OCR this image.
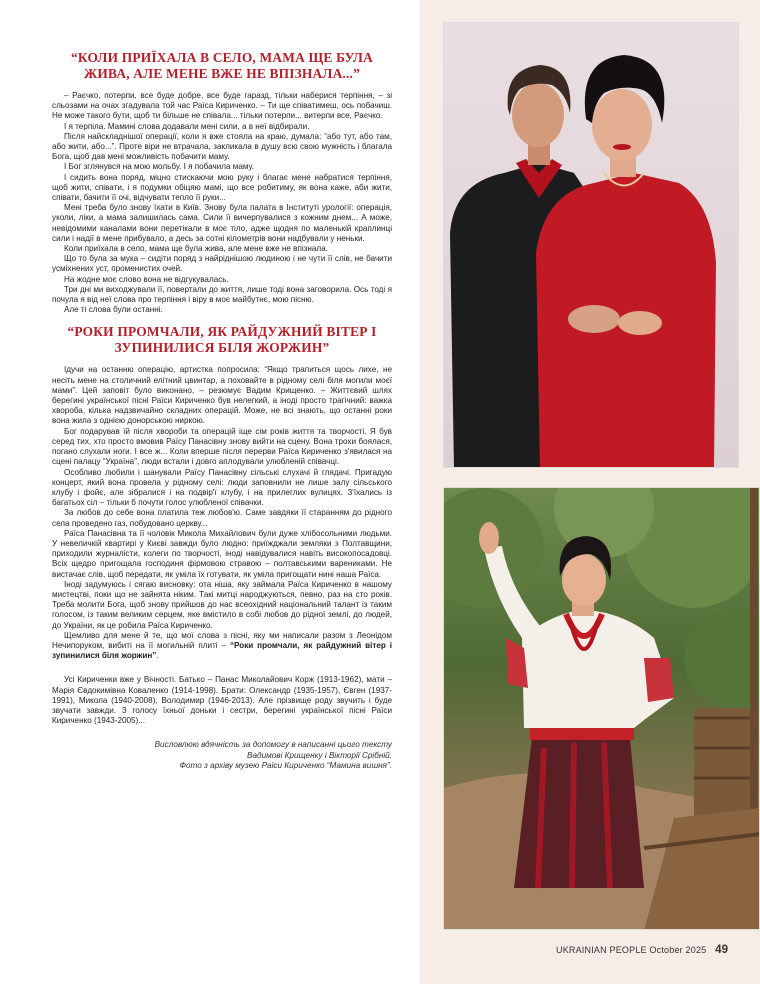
“КОЛИ ПРИЇХАЛА В СЕЛО, МАМА ЩЕ БУЛА ЖИВА, АЛЕ МЕНЕ ВЖЕ НЕ ВПІЗНАЛА...”

– Раєчко, потерпи, все буде добре, все буде гаразд, тільки наберися терпіння, – зі сльозами на очах згадувала той час Раїса Кириченко. – Ти ще співатимеш, ось побачиш. Не може такого бути, щоб ти більше не співала... тільки потерпи... витерпи все, Раєчко.

І я терпіла. Мамині слова додавали мені сили, а в неї відбирали.

Після найскладнішої операції, коли я вже стояла на краю, думала: “або тут, або там, або жити, або...”. Проте віри не втрачала, закликала в душу всю свою мужність і благала Бога, щоб дав мені можливість побачити маму.

І Бог зглянувся на мою мольбу. І я побачила маму.

І сидить вона поряд, міцно стискаючи мою руку і благає мене набратися терпіння, щоб жити, співати, і я подумки обіцяю мамі, що все робитиму, як вона каже, аби жити, співати, бачити її очі, відчувати тепло її руки...

Мені треба було знову їхати в Київ. Знову була палата в Інституті урології: операція, уколи, ліки, а мама залишилась сама. Сили її вичерпувалися з кожним днем... А може, невідомими каналами вони перетікали в моє тіло, адже щодня по маленькій краплинці сили і надії в мене прибувало, а десь за сотні кілометрів вони надбували у неньки.

Коли приїхала в село, мама ще була жива, але мене вже не впізнала.

Що то була за мука – сидіти поряд з найріднішою людиною і не чути її слів, не бачити усміхнених уст, променистих очей.

На жодне моє слово вона не відгукувалась.

Три дні ми виходжували її, повертали до життя, лише тоді вона заговорила. Ось тоді я почула я від неї слова про терпіння і віру в моє майбутнє, мою пісню.

Але ті слова були останні.

“РОКИ ПРОМЧАЛИ, ЯК РАЙДУЖНИЙ ВІТЕР І ЗУПИНИЛИСЯ БІЛЯ ЖОРЖИН”

Ідучи на останню операцію, артистка попросила: “Якщо трапиться щось лихе, не несіть мене на столичний елітний цвинтар, а поховайте в рідному селі біля могили моєї мами”. Цей заповіт було виконано, – резюмує Вадим Крищенко. – Життєвий шлях берегині української пісні Раїси Кириченко був нелегкий, а іноді просто трагічний: важка хвороба, кілька надзвичайно складних операцій. Може, не всі знають, що останні роки вона жила з однією донорською ниркою.

Бог подарував їй після хвороби та операцій іще сім років життя та творчості. Я був серед тих, хто просто вмовив Раїсу Панасівну знову вийти на сцену. Вона трохи боялася, погано слухали ноги. І все ж... Коли вперше після перерви Раїса Кириченко з'явилася на сцені палацу “Україна”, люди встали і довго аплодували улюбленій співачці.

Особливо любили і шанували Раїсу Панасівну сільські слухачі й глядачі. Пригадую концерт, який вона провела у рідному селі: люди заповнили не лише залу сільського клубу і фойє, але зібралися і на подвір'ї клубу, і на прилеглих вулицях. З'їхались із багатьох сіл – тільки б почути голос улюбленої співачки.

За любов до себе вона платила теж любов'ю. Саме завдяки її старанням до рідного села проведено газ, побудовано церкву...

Раїса Панасівна та її чоловік Микола Михайлович були дуже хлібосольними людьми. У невеличкій квартирі у Києві завжди було людно: приїжджали земляки з Полтавщини, приходили журналісти, колеги по творчості, іноді навідувалися навіть високопосадовці. Всіх щедро пригощала господиня фірмовою стравою – полтавськими варениками. Не вистачає слів, щоб передати, як уміла їх готувати, як уміла пригощати нині наша Раїса.

Іноді задумуюсь і сягаю висновку: ота ніша, яку займала Раїса Кириченко в нашому мистецтві, поки що не зайнята ніким. Такі митці народжуються, певно, раз на сто років. Треба молити Бога, щоб знову прийшов до нас всеохідний національний талант із таким голосом, із таким великим серцем, яке вмістило в собі любов до рідної землі, до людей, до України, як це робила Раїса Кириченко.

Щемливо для мене й те, що мої слова з пісні, яку ми написали разом з Леонідом Нечипоруком, вибиті на її могильній плиті – “Роки промчали, як райдужний вітер і зупинилися біля жоржин”.

Усі Кириченки вже у Вічності. Батько – Панас Миколайович Корж (1913-1962), мати – Марія Євдокимівна Коваленко (1914-1998). Брати: Олександр (1935-1957), Євген (1937-1991), Микола (1940-2008), Володимир (1946-2013). Але прізвище роду звучить і буде звучати завжди. З голосу їхньої доньки і сестри, берегині української пісні Раїси Кириченко (1943-2005)...

Висловлюю вдячність за допомогу в написанні цього тексту
Вадимові Крищенку і Вікторії Срібній.
Фото з архіву музею Раїси Кириченко “Мамина вишня”.
UKRAINIAN PEOPLE October 2025 49
